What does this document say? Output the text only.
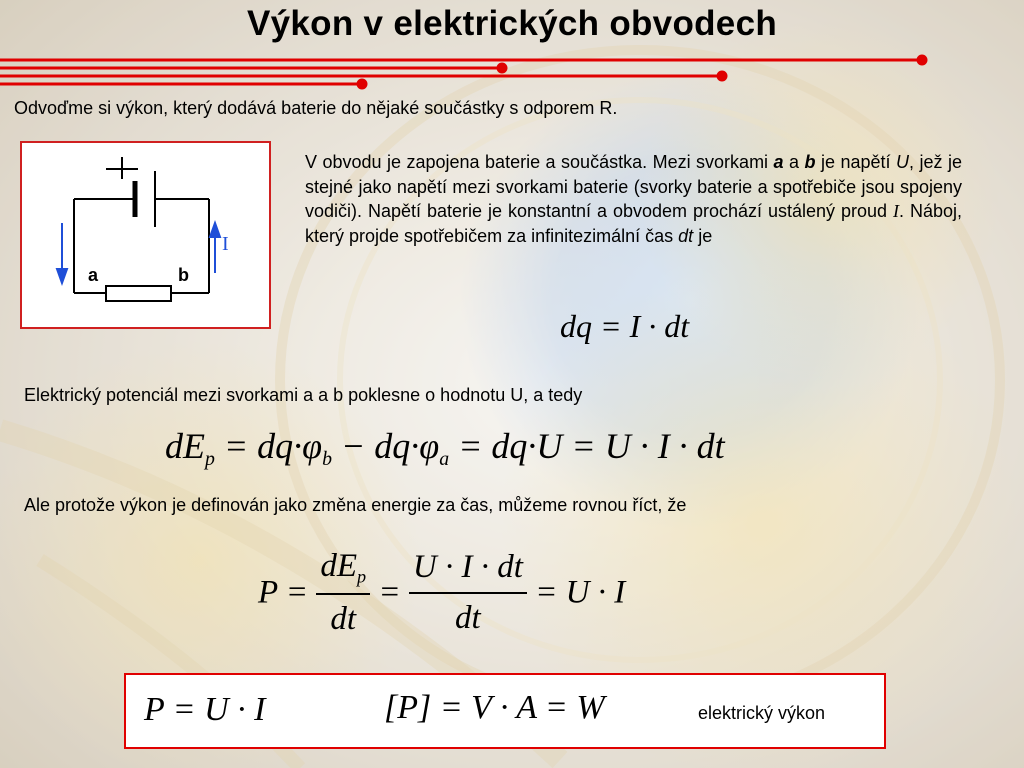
Výkon v elektrických obvodech
Odvoďme si výkon, který dodává baterie do nějaké součástky s odporem R.
I
a	b
V obvodu je zapojena baterie a součástka. Mezi svorkami a a b je napětí U, jež je stejné jako napětí mezi svorkami baterie (svorky baterie a spotřebiče jsou spojeny vodiči). Napětí baterie je konstantní a obvodem prochází ustálený proud I. Náboj, který projde spotřebičem za infinitezimální čas dt je
dq = I · dt
Elektrický potenciál mezi svorkami a a b poklesne o hodnotu U, a tedy
$dE_p = dq\cdot\varphi_b - dq\cdot\varphi_a = dq\cdot U = U \cdot I$ · dt
Ale protože výkon je definován jako změna energie za čas, můžeme rovnou říct, že
$P = \frac{dE_p}{dt} = \frac{U \cdot I \cdot dt}{dt} = U \cdot I$
P = U · I	[P] = V · A = W	elektrický výkon
